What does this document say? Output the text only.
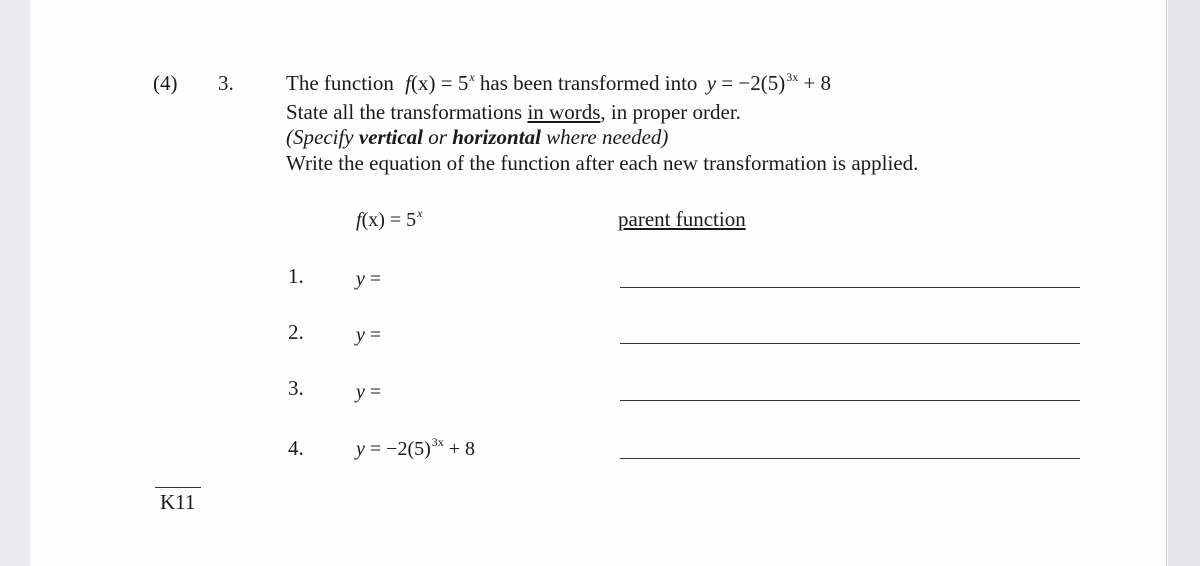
(4) 3. The function $f(x) = 5^x$ has been transformed into $y = -2(5)^{3x} + 8$
State all the transformations in words, in proper order.
(Specify vertical or horizontal where needed)
Write the equation of the function after each new transformation is applied.
$f(x) = 5^x$	parent function
1.	y =
2.	y =
3.	y =
4.	$y = -2(5)^{3x} + 8$
K11
